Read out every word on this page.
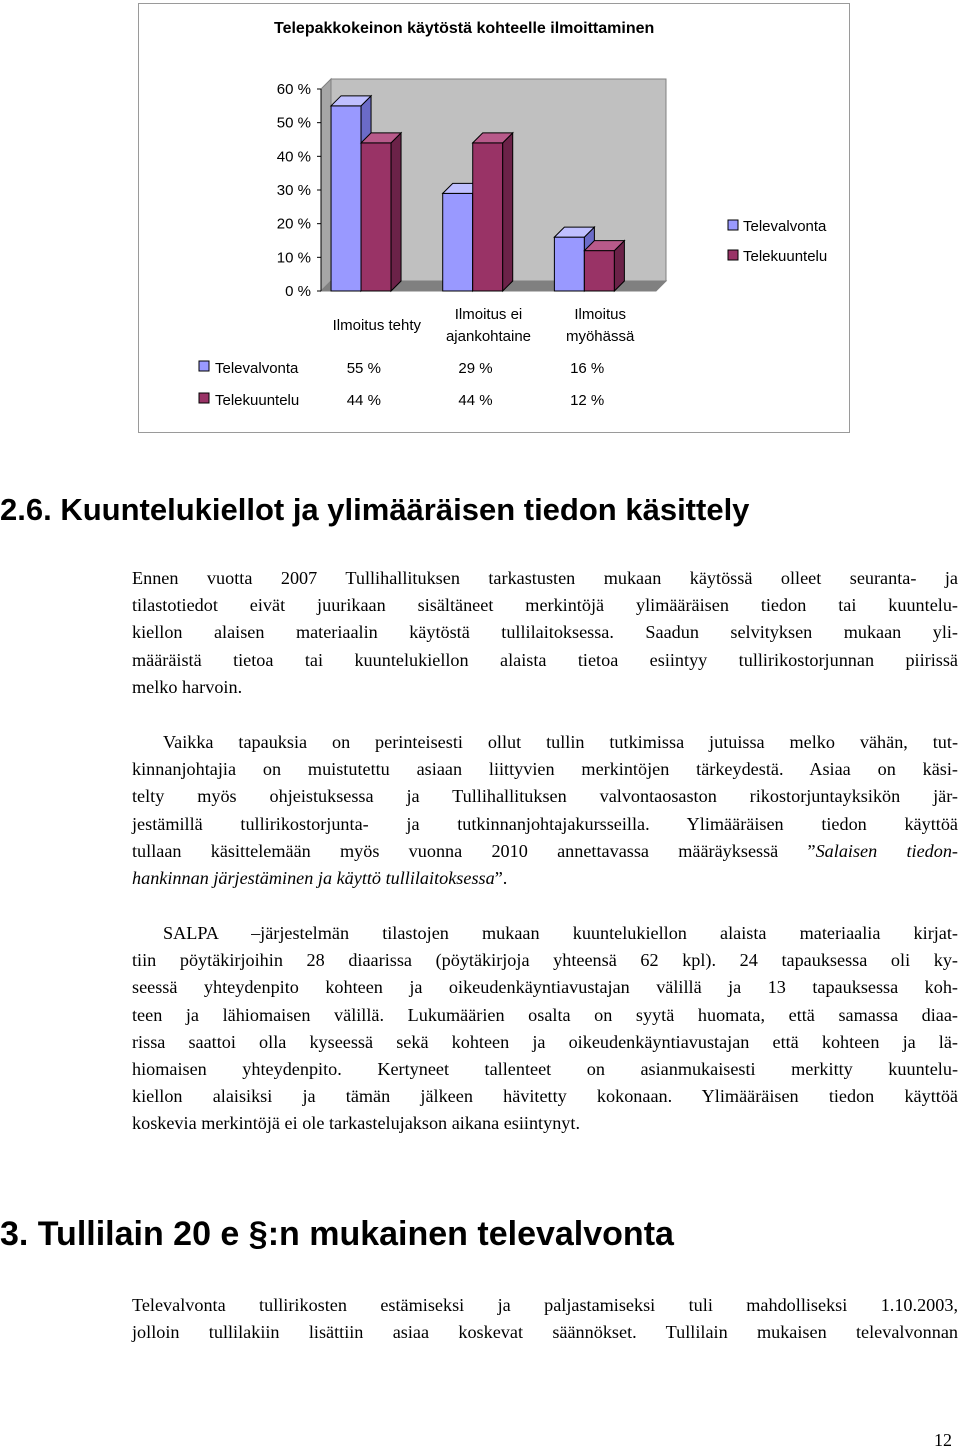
Telepakkokeinon käytöstä kohteelle ilmoittaminen
0 %
10 %
20 %
30 %
40 %
50 %
60 %
Ilmoitus tehty
Ilmoitus ei
ajankohtaine
Ilmoitus
myöhässä
Televalvonta	55 %	29 %	16 %
Telekuuntelu	44 %	44 %	12 %
Televalvonta
Telekuuntelu
2.6. Kuuntelukiellot ja ylimääräisen tiedon käsittely
Ennen vuotta 2007 Tullihallituksen tarkastusten mukaan käytössä olleet seuranta- ja
tilastotiedot eivät juurikaan sisältäneet merkintöjä ylimääräisen tiedon tai kuuntelu-
kiellon alaisen materiaalin käytöstä tullilaitoksessa. Saadun selvityksen mukaan yli-
määräistä tietoa tai kuuntelukiellon alaista tietoa esiintyy tullirikostorjunnan piirissä
melko harvoin.
Vaikka tapauksia on perinteisesti ollut tullin tutkimissa jutuissa melko vähän, tut-
kinnanjohtajia on muistutettu asiaan liittyvien merkintöjen tärkeydestä. Asiaa on käsi-
telty myös ohjeistuksessa ja Tullihallituksen valvontaosaston rikostorjuntayksikön jär-
jestämillä tullirikostorjunta- ja tutkinnanjohtajakursseilla. Ylimääräisen tiedon käyttöä
tullaan käsittelemään myös vuonna 2010 annettavassa määräyksessä ”Salaisen tiedon-
hankinnan järjestäminen ja käyttö tullilaitoksessa”.
SALPA –järjestelmän tilastojen mukaan kuuntelukiellon alaista materiaalia kirjat-
tiin pöytäkirjoihin 28 diaarissa (pöytäkirjoja yhteensä 62 kpl). 24 tapauksessa oli ky-
seessä yhteydenpito kohteen ja oikeudenkäyntiavustajan välillä ja 13 tapauksessa koh-
teen ja lähiomaisen välillä. Lukumäärien osalta on syytä huomata, että samassa diaa-
rissa saattoi olla kyseessä sekä kohteen ja oikeudenkäyntiavustajan että kohteen ja lä-
hiomaisen yhteydenpito. Kertyneet tallenteet on asianmukaisesti merkitty kuuntelu-
kiellon alaisiksi ja tämän jälkeen hävitetty kokonaan. Ylimääräisen tiedon käyttöä
koskevia merkintöjä ei ole tarkastelujakson aikana esiintynyt.
3. Tullilain 20 e §:n mukainen televalvonta
Televalvonta tullirikosten estämiseksi ja paljastamiseksi tuli mahdolliseksi 1.10.2003,
jolloin tullilakiin lisättiin asiaa koskevat säännökset. Tullilain mukaisen televalvonnan
12
